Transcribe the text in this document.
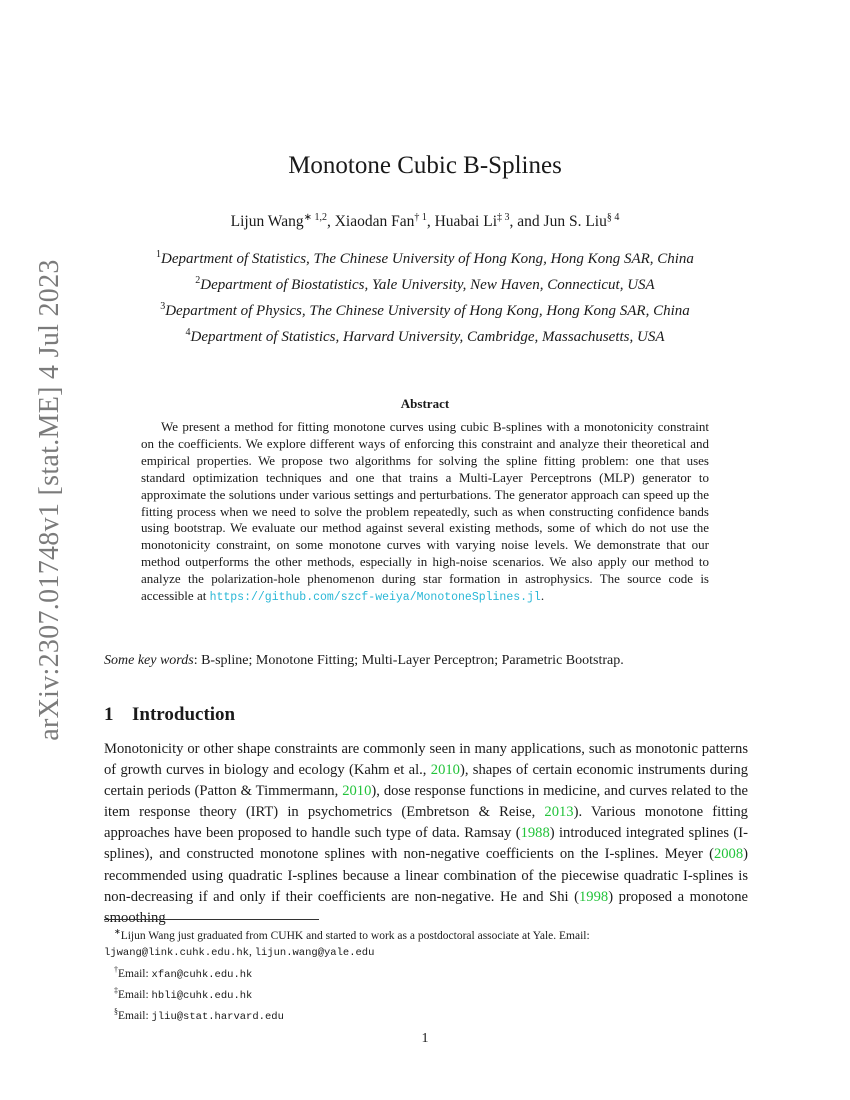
arXiv:2307.01748v1 [stat.ME] 4 Jul 2023
Monotone Cubic B-Splines
Lijun Wang$^{∗ 1,2}$, Xiaodan Fan$^{\dagger 1}$, Huabai Li$^{\ddagger 3}$, and Jun S. Liu$^{\S 4}$
$^1$Department of Statistics, The Chinese University of Hong Kong, Hong Kong SAR, China
$^2$Department of Biostatistics, Yale University, New Haven, Connecticut, USA
$^3$Department of Physics, The Chinese University of Hong Kong, Hong Kong SAR, China
$^4$Department of Statistics, Harvard University, Cambridge, Massachusetts, USA
Abstract

We present a method for fitting monotone curves using cubic B-splines with a monotonicity constraint on the coefficients. We explore different ways of enforcing this constraint and analyze their theoretical and empirical properties. We propose two algorithms for solving the spline fitting problem: one that uses standard optimization techniques and one that trains a Multi-Layer Perceptrons (MLP) generator to approximate the solutions under various settings and perturbations. The generator approach can speed up the fitting process when we need to solve the problem repeatedly, such as when constructing confidence bands using bootstrap. We evaluate our method against several existing methods, some of which do not use the monotonicity constraint, on some monotone curves with varying noise levels. We demonstrate that our method outperforms the other methods, especially in high-noise scenarios. We also apply our method to analyze the polarization-hole phenomenon during star formation in astrophysics. The source code is accessible at https://github.com/szcf-weiya/MonotoneSplines.jl.

Some key words: B-spline; Monotone Fitting; Multi-Layer Perceptron; Parametric Bootstrap.
1 Introduction

Monotonicity or other shape constraints are commonly seen in many applications, such as monotonic patterns of growth curves in biology and ecology (Kahm et al., 2010), shapes of certain economic instruments during certain periods (Patton & Timmermann, 2010), dose response functions in medicine, and curves related to the item response theory (IRT) in psychometrics (Embretson & Reise, 2013). Various monotone fitting approaches have been proposed to handle such type of data. Ramsay (1988) introduced integrated splines (I-splines), and constructed monotone splines with non-negative coefficients on the I-splines. Meyer (2008) recommended using quadratic I-splines because a linear combination of the piecewise quadratic I-splines is non-decreasing if and only if their coefficients are non-negative. He and Shi (1998) proposed a monotone smoothing

∗Lijun Wang just graduated from CUHK and started to work as a postdoctoral associate at Yale. Email:
ljwang@link.cuhk.edu.hk, lijun.wang@yale.edu
†Email: xfan@cuhk.edu.hk
‡Email: hbli@cuhk.edu.hk
§Email: jliu@stat.harvard.edu
1
